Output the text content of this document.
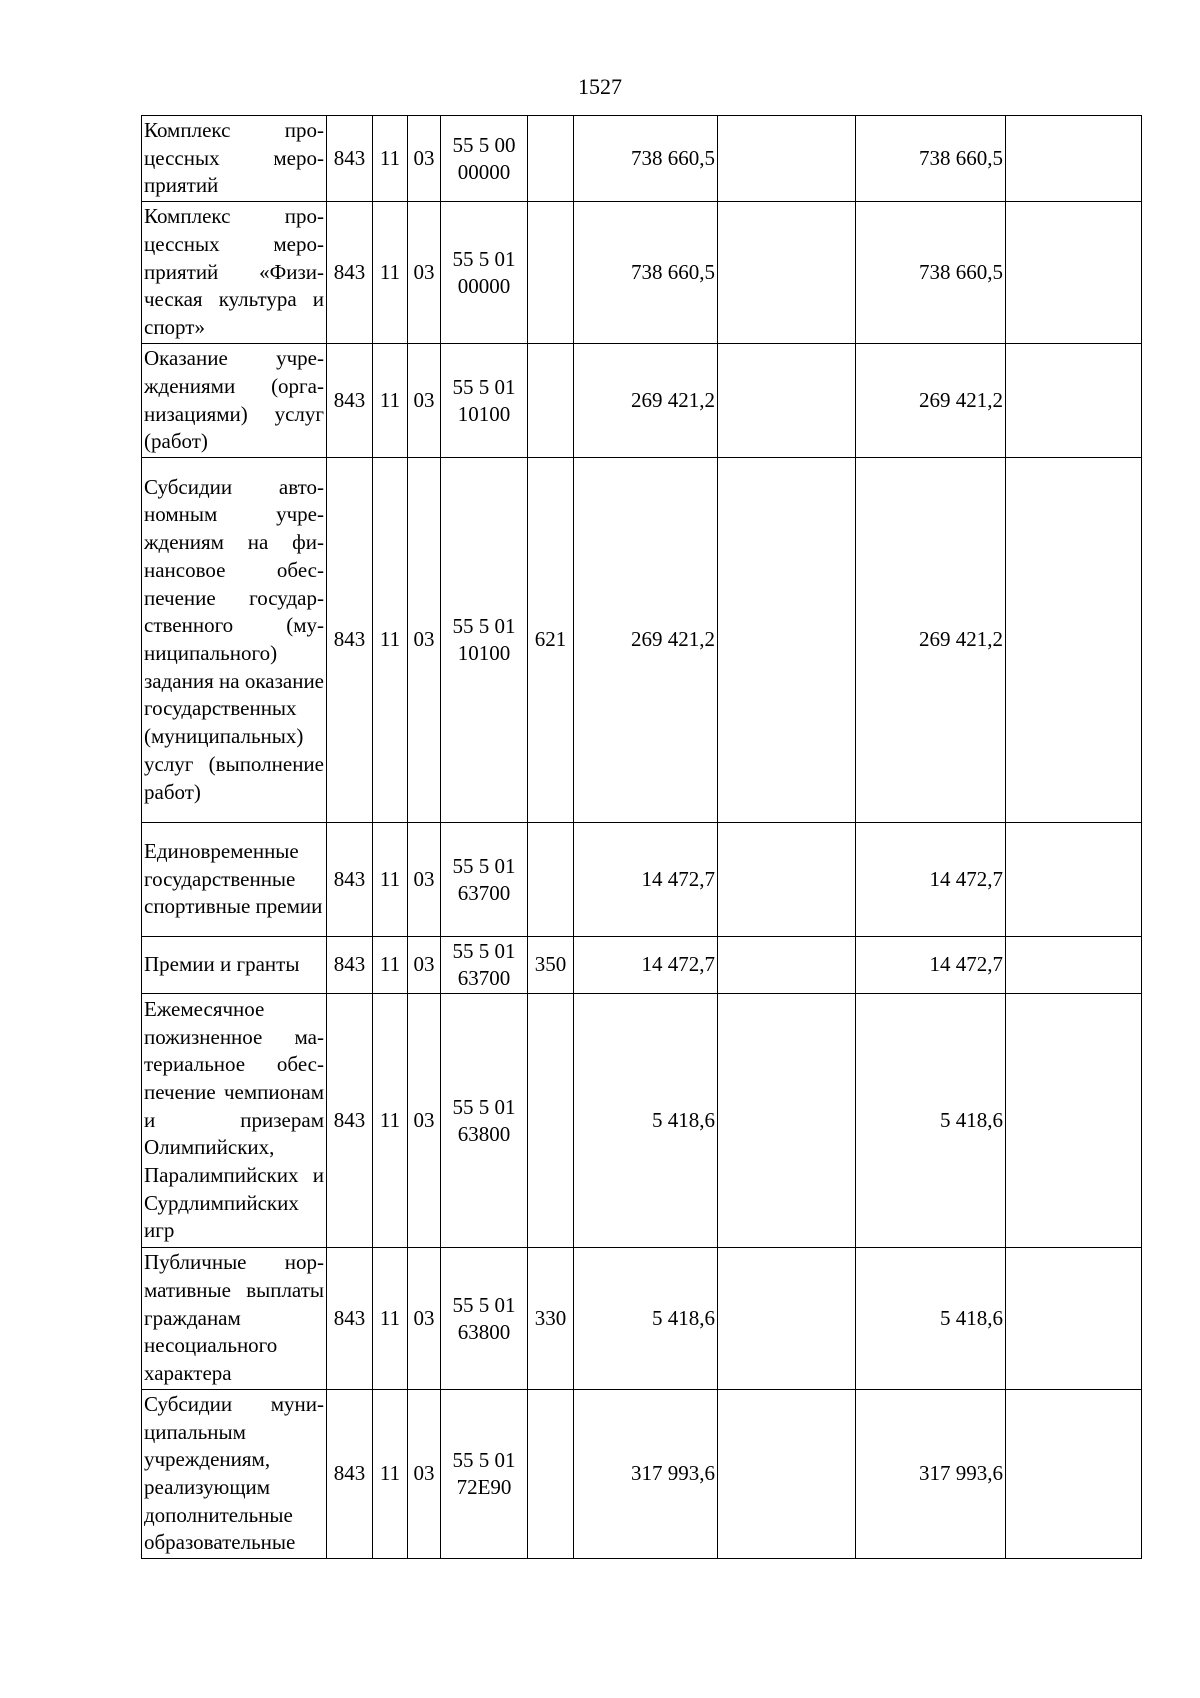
1527
Комплекс процессных мероприятий	843	11	03	55 5 00 00000		738 660,5		738 660,5	
Комплекс процессных мероприятий «Физическая культура и спорт»	843	11	03	55 5 01 00000		738 660,5		738 660,5	
Оказание учреждениями (организациями) услуг (работ)	843	11	03	55 5 01 10100		269 421,2		269 421,2	
Субсидии автономным учреждениям на финансовое обеспечение государственного (муниципального) задания на оказание государственных (муниципальных) услуг (выполнение работ)	843	11	03	55 5 01 10100	621	269 421,2		269 421,2	
Единовременные государственные спортивные премии	843	11	03	55 5 01 63700		14 472,7		14 472,7	
Премии и гранты	843	11	03	55 5 01 63700	350	14 472,7		14 472,7	
Ежемесячное пожизненное материальное обеспечение чемпионам и призерам Олимпийских, Паралимпийских и Сурдлимпийских игр	843	11	03	55 5 01 63800		5 418,6		5 418,6	
Публичные нормативные выплаты гражданам несоциального характера	843	11	03	55 5 01 63800	330	5 418,6		5 418,6	
Субсидии муниципальным учреждениям, реализующим дополнительные образовательные	843	11	03	55 5 01 72E90		317 993,6		317 993,6	
